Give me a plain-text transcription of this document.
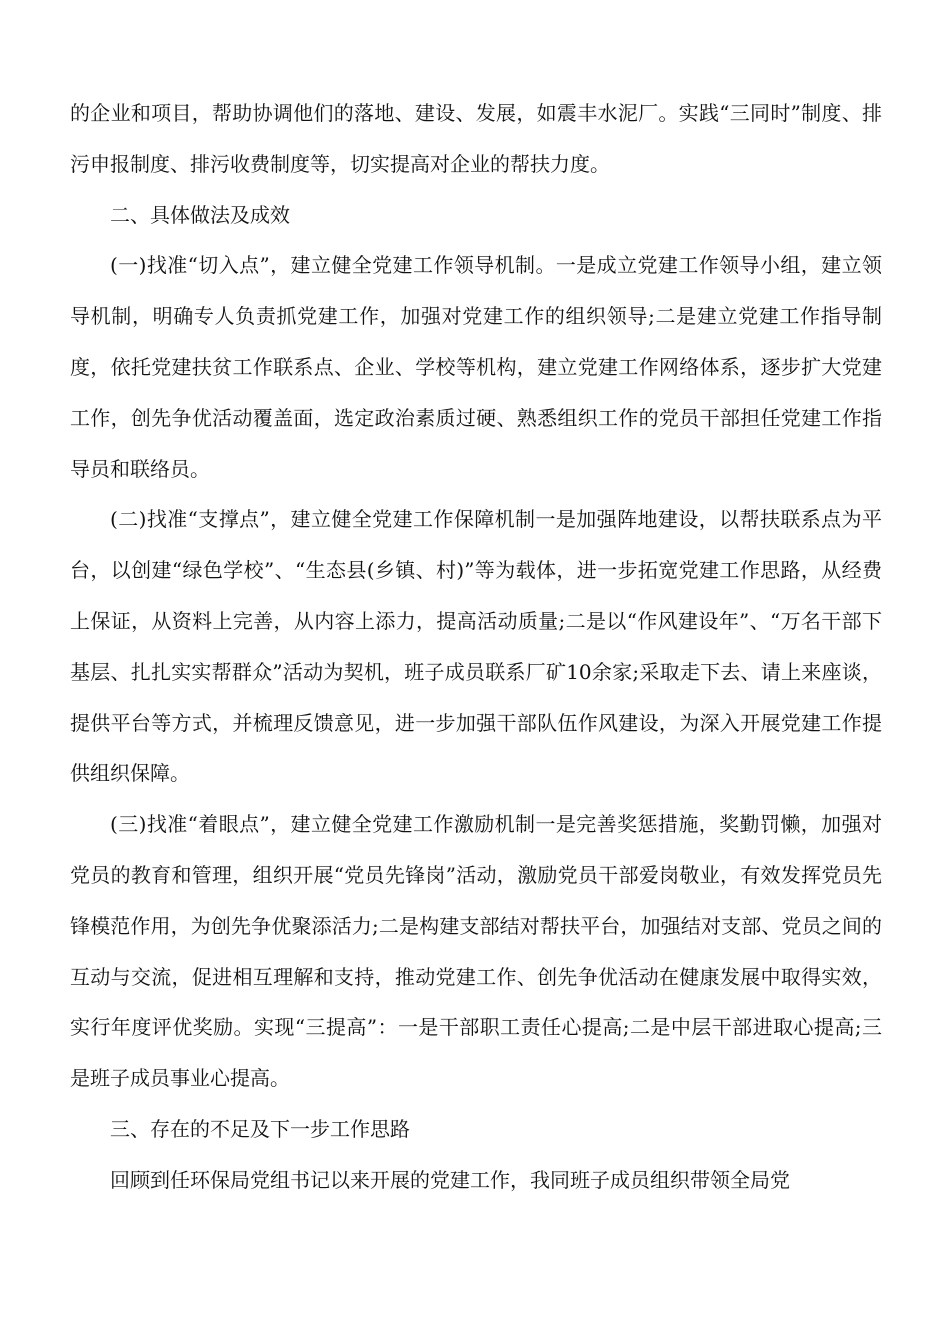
的企业和项目，帮助协调他们的落地、建设、发展，如震丰水泥厂。实践“三同时”制度、排污申报制度、排污收费制度等，切实提高对企业的帮扶力度。

二、具体做法及成效

(一)找准“切入点”，建立健全党建工作领导机制。一是成立党建工作领导小组，建立领导机制，明确专人负责抓党建工作，加强对党建工作的组织领导;二是建立党建工作指导制度，依托党建扶贫工作联系点、企业、学校等机构，建立党建工作网络体系，逐步扩大党建工作，创先争优活动覆盖面，选定政治素质过硬、熟悉组织工作的党员干部担任党建工作指导员和联络员。

(二)找准“支撑点”，建立健全党建工作保障机制一是加强阵地建设，以帮扶联系点为平台，以创建“绿色学校”、“生态县(乡镇、村)”等为载体，进一步拓宽党建工作思路，从经费上保证，从资料上完善，从内容上添力，提高活动质量;二是以“作风建设年”、“万名干部下基层、扎扎实实帮群众”活动为契机，班子成员联系厂矿10余家;采取走下去、请上来座谈，提供平台等方式，并梳理反馈意见，进一步加强干部队伍作风建设，为深入开展党建工作提供组织保障。

(三)找准“着眼点”，建立健全党建工作激励机制一是完善奖惩措施，奖勤罚懒，加强对党员的教育和管理，组织开展“党员先锋岗”活动，激励党员干部爱岗敬业，有效发挥党员先锋模范作用，为创先争优聚添活力;二是构建支部结对帮扶平台，加强结对支部、党员之间的互动与交流，促进相互理解和支持，推动党建工作、创先争优活动在健康发展中取得实效，实行年度评优奖励。实现“三提高”：一是干部职工责任心提高;二是中层干部进取心提高;三是班子成员事业心提高。

三、存在的不足及下一步工作思路

回顾到任环保局党组书记以来开展的党建工作，我同班子成员组织带领全局党
